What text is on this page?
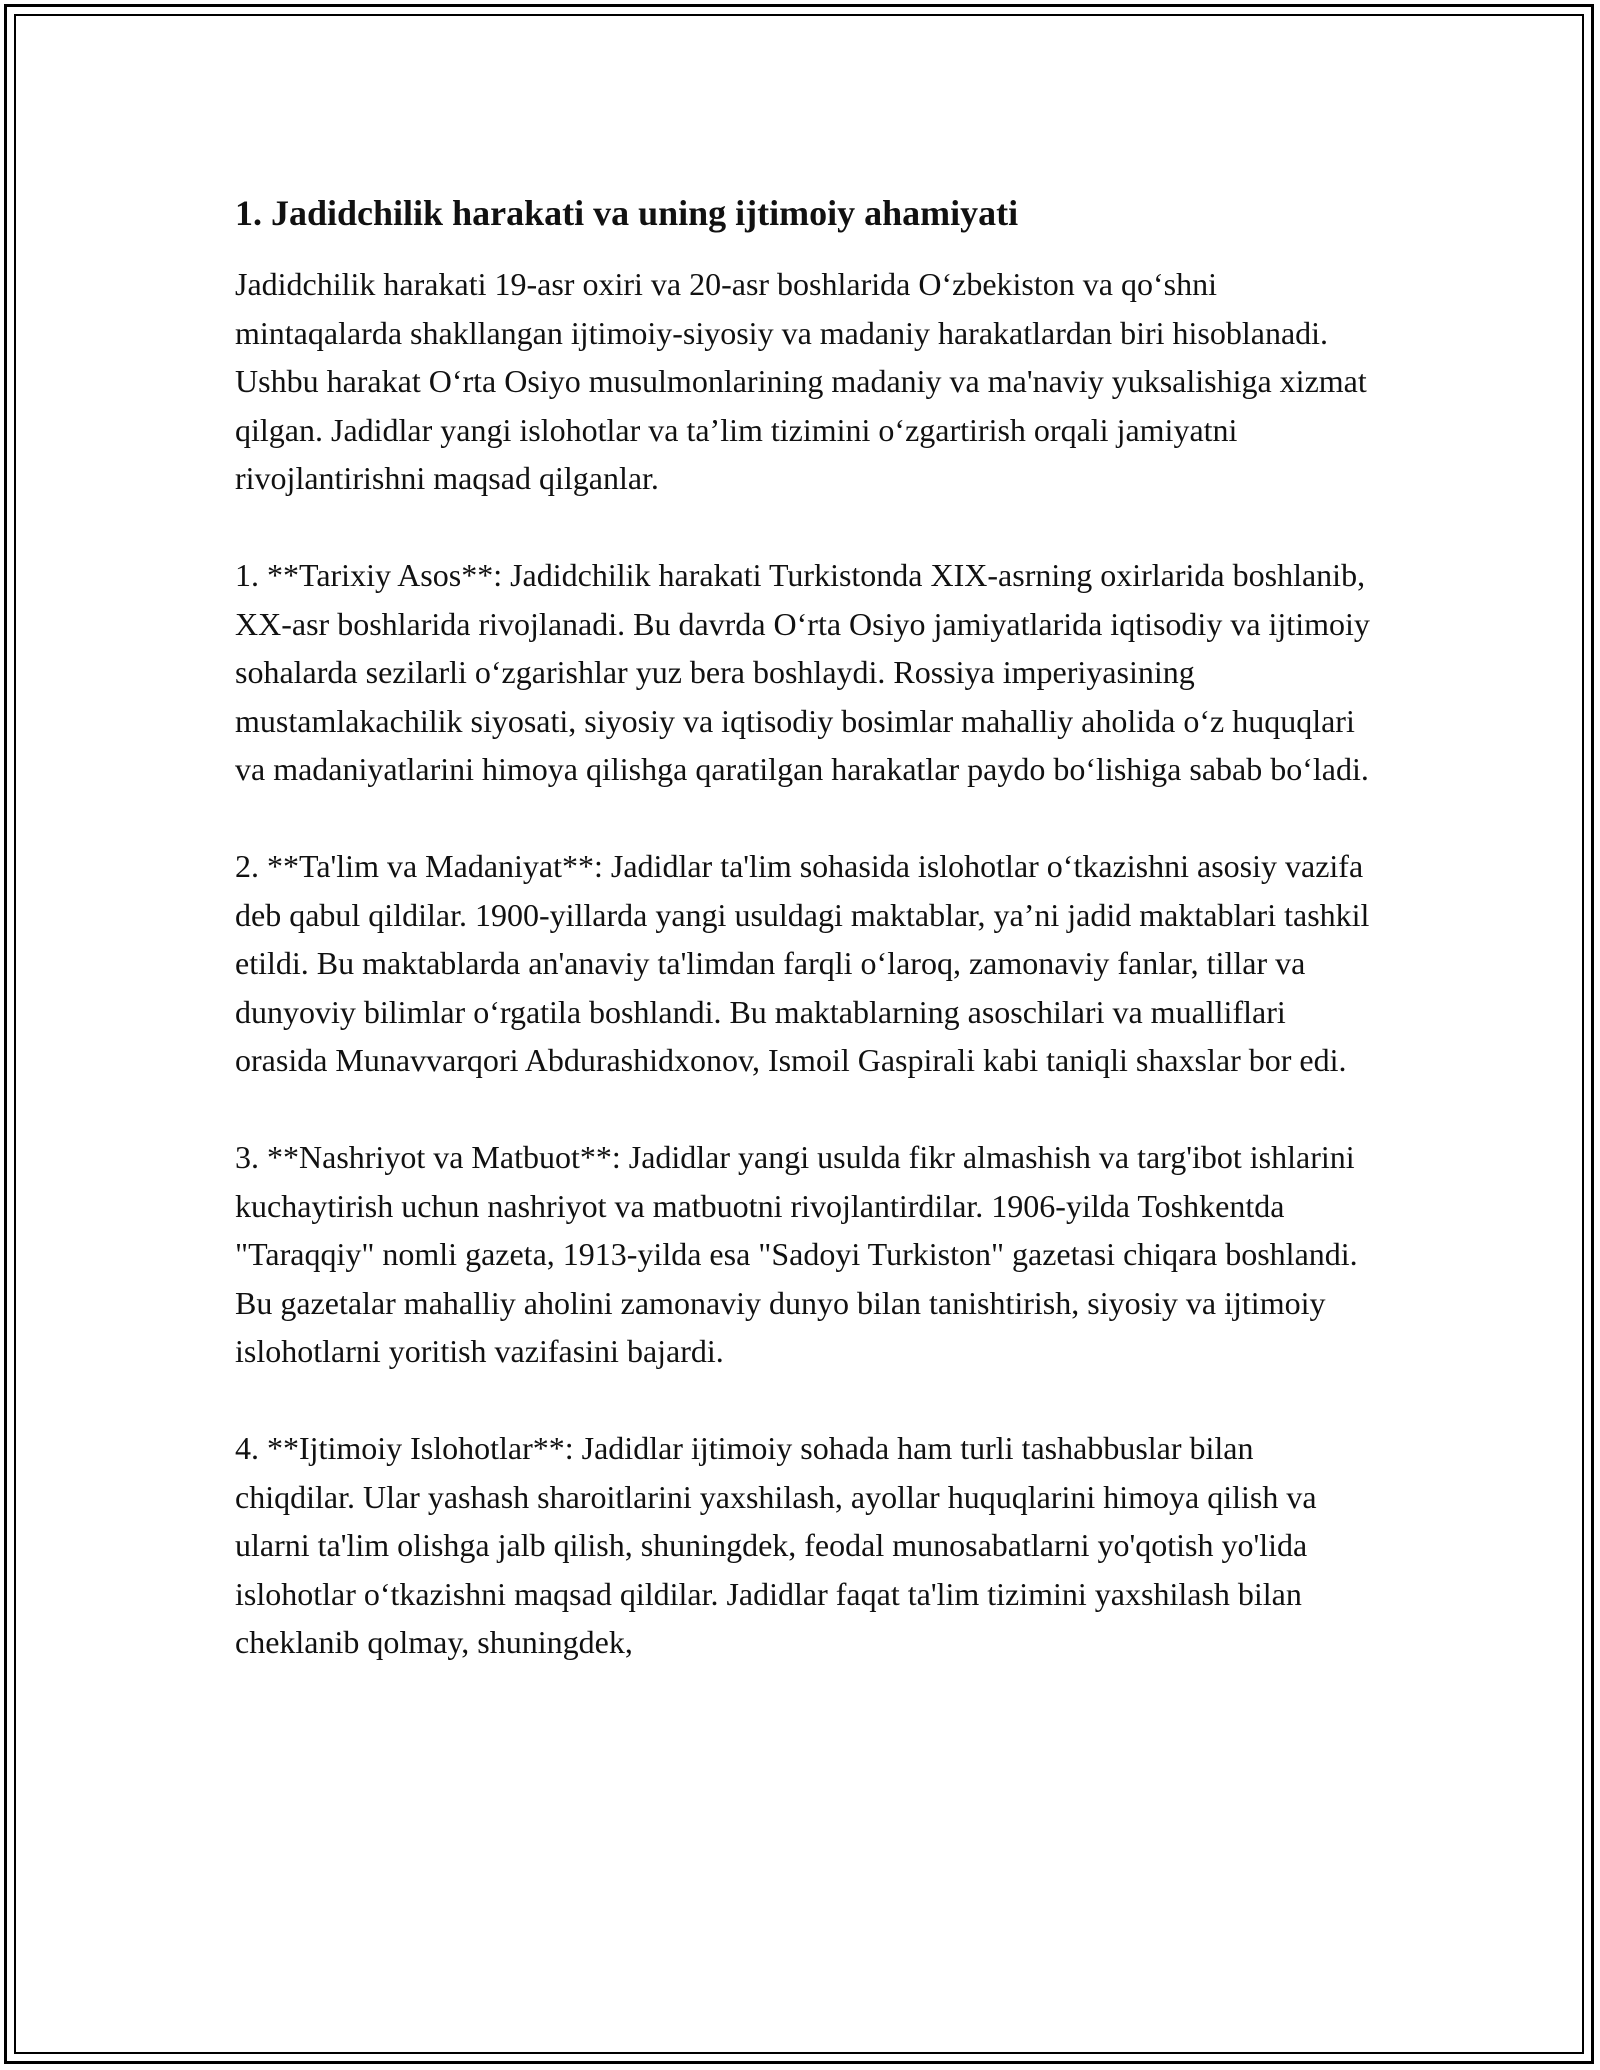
1. Jadidchilik harakati va uning ijtimoiy ahamiyati

Jadidchilik harakati 19-asr oxiri va 20-asr boshlarida O‘zbekiston va qo‘shni mintaqalarda shakllangan ijtimoiy-siyosiy va madaniy harakatlardan biri hisoblanadi. Ushbu harakat O‘rta Osiyo musulmonlarining madaniy va ma'naviy yuksalishiga xizmat qilgan. Jadidlar yangi islohotlar va ta’lim tizimini o‘zgartirish orqali jamiyatni rivojlantirishni maqsad qilganlar.

1. **Tarixiy Asos**: Jadidchilik harakati Turkistonda XIX-asrning oxirlarida boshlanib, XX-asr boshlarida rivojlanadi. Bu davrda O‘rta Osiyo jamiyatlarida iqtisodiy va ijtimoiy sohalarda sezilarli o‘zgarishlar yuz bera boshlaydi. Rossiya imperiyasining mustamlakachilik siyosati, siyosiy va iqtisodiy bosimlar mahalliy aholida o‘z huquqlari va madaniyatlarini himoya qilishga qaratilgan harakatlar paydo bo‘lishiga sabab bo‘ladi.

2. **Ta'lim va Madaniyat**: Jadidlar ta'lim sohasida islohotlar o‘tkazishni asosiy vazifa deb qabul qildilar. 1900-yillarda yangi usuldagi maktablar, ya’ni jadid maktablari tashkil etildi. Bu maktablarda an'anaviy ta'limdan farqli o‘laroq, zamonaviy fanlar, tillar va dunyoviy bilimlar o‘rgatila boshlandi. Bu maktablarning asoschilari va mualliflari orasida Munavvarqori Abdurashidxonov, Ismoil Gaspirali kabi taniqli shaxslar bor edi.

3. **Nashriyot va Matbuot**: Jadidlar yangi usulda fikr almashish va targ'ibot ishlarini kuchaytirish uchun nashriyot va matbuotni rivojlantirdilar. 1906-yilda Toshkentda "Taraqqiy" nomli gazeta, 1913-yilda esa "Sadoyi Turkiston" gazetasi chiqara boshlandi. Bu gazetalar mahalliy aholini zamonaviy dunyo bilan tanishtirish, siyosiy va ijtimoiy islohotlarni yoritish vazifasini bajardi.

4. **Ijtimoiy Islohotlar**: Jadidlar ijtimoiy sohada ham turli tashabbuslar bilan chiqdilar. Ular yashash sharoitlarini yaxshilash, ayollar huquqlarini himoya qilish va ularni ta'lim olishga jalb qilish, shuningdek, feodal munosabatlarni yo'qotish yo'lida islohotlar o‘tkazishni maqsad qildilar. Jadidlar faqat ta'lim tizimini yaxshilash bilan cheklanib qolmay, shuningdek,
